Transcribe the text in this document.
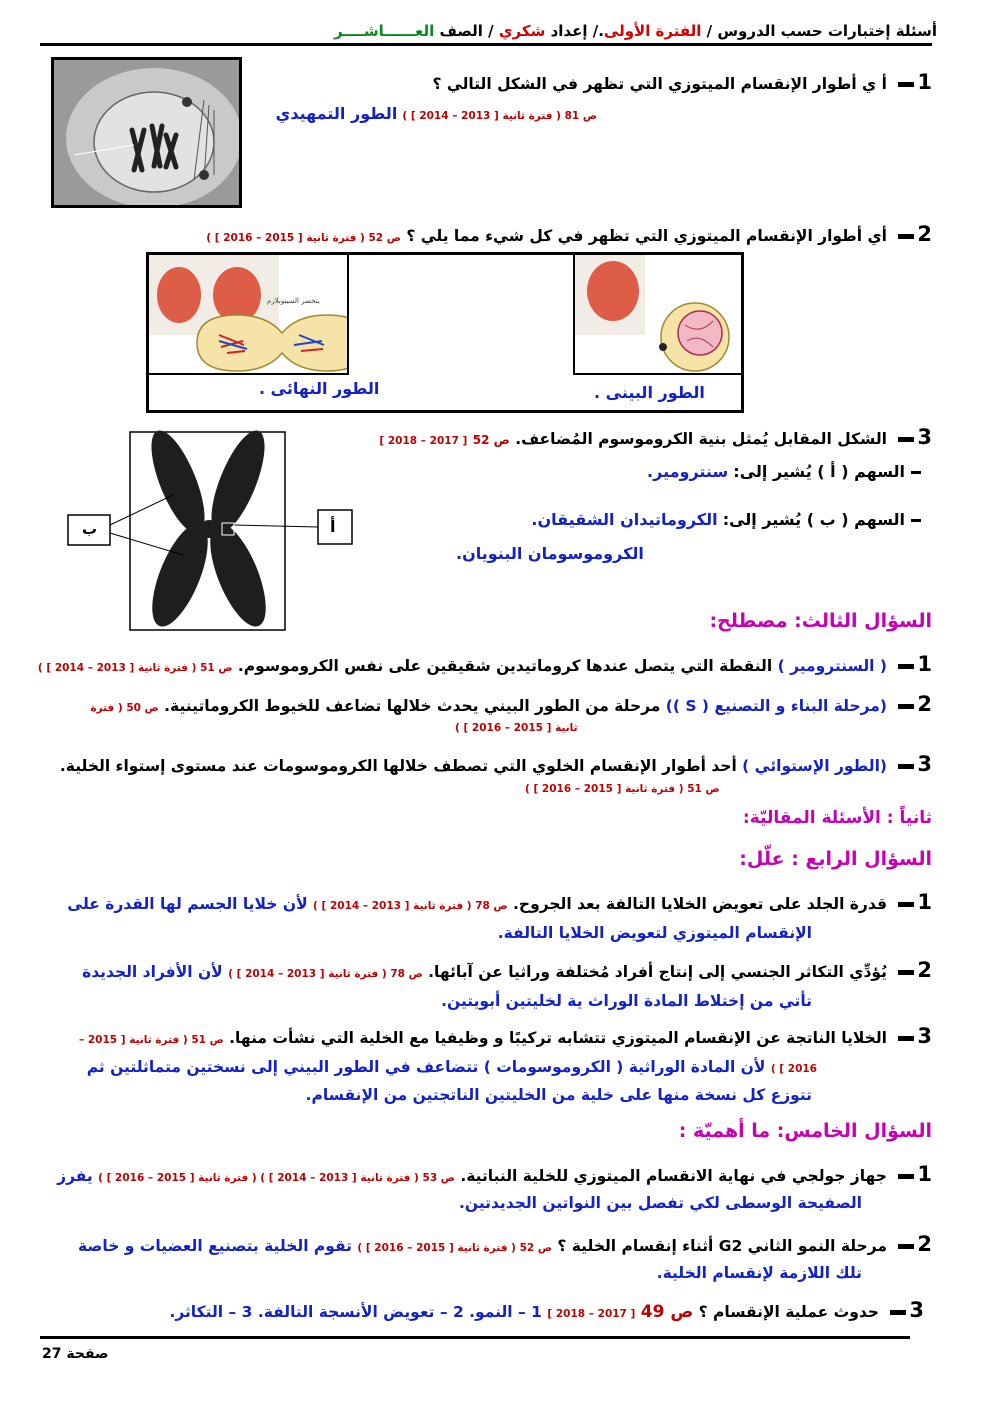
أسئلة إختبارات حسب الدروس / الفترة الأولى./ إعداد شكري / الصف العــــــاشــــر
1 أ ي أطوار الإنقسام الميتوزي التي تظهر في الشكل التالي ؟
ص 81 ( فترة ثانية [ 2013 – 2014 ] ) الطور التمهيدي
2 أي أطوار الإنقسام الميتوزي التي تظهر في كل شيء مما يلي ؟ ص 52 ( فترة ثانية [ 2015 – 2016 ] )
يتخصر السيتوبلازم
الطور النهائى .	الطور البينى .
3 الشكل المقابل يُمثل بنية الكروموسوم المُضاعف. ص 52 [ 2017 – 2018 ]
ب	أ
السهم ( أ ) يُشير إلى: سنترومير.
السهم ( ب ) يُشير إلى: الكروماتيدان الشقيقان.
الكروموسومان البنويان.
السؤال الثالث: مصطلح:
1 ( السنترومير ) النقطة التي يتصل عندها كروماتيدين شقيقين على نفس الكروموسوم. ص 51 ( فترة ثانية [ 2013 – 2014 ] )
2 (مرحلة البناء و التصنيع ( S )) مرحلة من الطور البيني يحدث خلالها تضاعف للخيوط الكروماتينية. ص 50 ( فترة
ثانية [ 2015 – 2016 ] )
3 (الطور الإستوائي ) أحد أطوار الإنقسام الخلوي التي تصطف خلالها الكروموسومات عند مستوى إستواء الخلية.
ص 51 ( فترة ثانية [ 2015 – 2016 ] )
ثانياً : الأسئلة المقاليّة:
السؤال الرابع : علّل:
1 قدرة الجلد على تعويض الخلايا التالفة بعد الجروح. ص 78 ( فترة ثانية [ 2013 – 2014 ] ) لأن خلايا الجسم لها القدرة على
الإنقسام الميتوزي لتعويض الخلايا التالفة.
2 يُؤدِّي التكاثر الجنسي إلى إنتاج أفراد مُختلفة وراثيا عن آبائها. ص 78 ( فترة ثانية [ 2013 – 2014 ] ) لأن الأفراد الجديدة
تأتي من إختلاط المادة الوراث ية لخليتين أبويتين.
3 الخلايا الناتجة عن الإنقسام الميتوزي تتشابه تركيبًا و وظيفيا مع الخلية التي نشأت منها. ص 51 ( فترة ثانية [ 2015 –
2016 ] ) لأن المادة الوراثية ( الكروموسومات ) تتضاعف في الطور البيني إلى نسختين متماثلتين ثم
تتوزع كل نسخة منها على خلية من الخليتين الناتجتين من الإنقسام.
السؤال الخامس: ما أهميّة :
1 جهاز جولجي في نهاية الانقسام الميتوزي للخلية النباتية. ص 53 ( فترة ثانية [ 2013 – 2014 ] ) ( فترة ثانية [ 2015 – 2016 ] ) يفرز
الصفيحة الوسطى لكي تفصل بين النواتين الجديدتين.
2 مرحلة النمو الثاني G2 أثناء إنقسام الخلية ؟ ص 52 ( فترة ثانية [ 2015 – 2016 ] ) تقوم الخلية بتصنيع العضيات و خاصة
تلك اللازمة لإنقسام الخلية.
3 حدوث عملية الإنقسام ؟ ص 49 [ 2017 – 2018 ] 1 – النمو. 2 – تعويض الأنسجة التالفة. 3 – التكاثر.
صفحة 27
